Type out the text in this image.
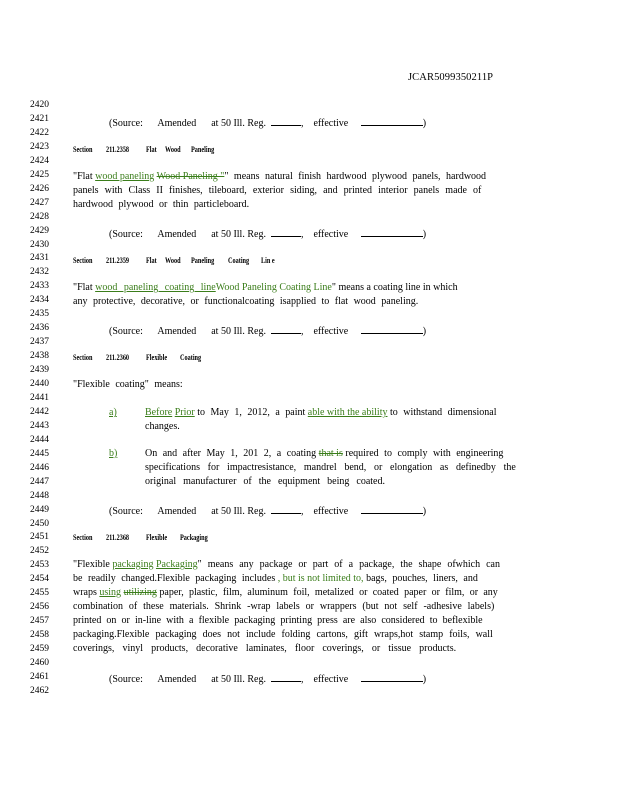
JCAR5099350211P
2420
2421
2422
2423
2424
2425
2426
2427
2428
2429
2430
2431
2432
2433
2434
2435
2436
2437
2438
2439
2440
2441
2442
2443
2444
2445
2446
2447
2448
2449
2450
2451
2452
2453
2454
2455
2456
2457
2458
2459
2460
2461
2462
(Source: Amended at 50 Ill. Reg.	,    effective	)
Section 211.2358 Flat Wood Paneling
"Flat wood paneling Wood Paneling "" means natural finish hardwood plywood panels, hardwood
panels with Class II finishes, tileboard, exterior siding, and printed interior panels made of
hardwood plywood or thin particleboard.
(Source: Amended at 50 Ill. Reg.	,    effective	)
Section 211.2359 Flat Wood Paneling Coating Lin e
"Flat wood paneling coating lineWood Paneling Coating Line" means a coating line in which
any protective, decorative, or functionalcoating isapplied to flat wood paneling.
(Source: Amended at 50 Ill. Reg.	,    effective	)
Section 211.2360 Flexible Coating
"Flexible coating" means:
a)	Before Prior to May 1, 2012, a paint able with the ability to withstand dimensional
changes.
b)	On and after May 1, 201 2, a coating that is required to comply with engineering
specifications for impactresistance, mandrel bend, or elongation as definedby the
original manufacturer of the equipment being coated.
(Source: Amended at 50 Ill. Reg.	,    effective	)
Section 211.2368 Flexible Packaging
"Flexible packaging Packaging" means any package or part of a package, the shape ofwhich can
be readily changed.Flexible packaging includes , but is not limited to, bags, pouches, liners, and
wraps using utilizing paper, plastic, film, aluminum foil, metalized or coated paper or film, or any
combination of these materials. Shrink -wrap labels or wrappers (but not self -adhesive labels)
printed on or in-line with a flexible packaging printing press are also considered to beflexible
packaging.Flexible packaging does not include folding cartons, gift wraps,hot stamp foils, wall
coverings, vinyl products, decorative laminates, floor coverings, or tissue products.
(Source: Amended at 50 Ill. Reg.	,    effective	)
